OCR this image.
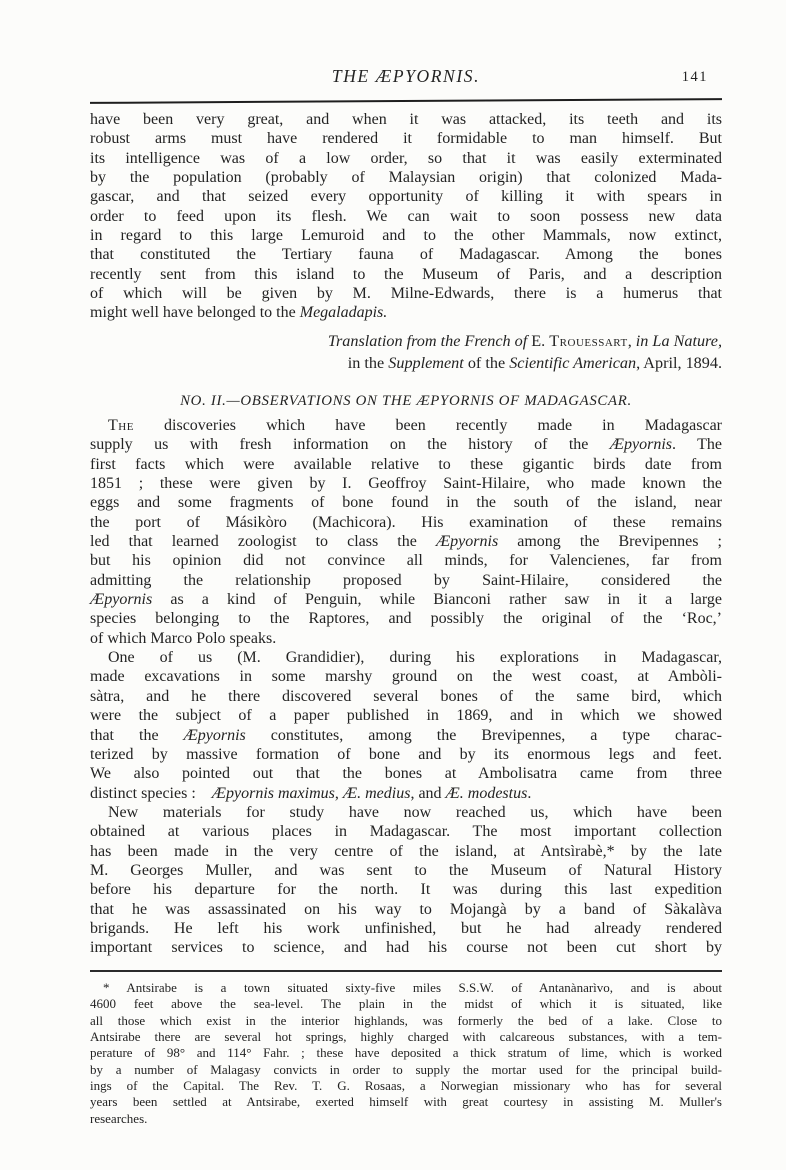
THE ÆPYORNIS.	141
have been very great, and when it was attacked, its teeth and its
robust arms must have rendered it formidable to man himself. But
its intelligence was of a low order, so that it was easily exterminated
by the population (probably of Malaysian origin) that colonized Mada-
gascar, and that seized every opportunity of killing it with spears in
order to feed upon its flesh. We can wait to soon possess new data
in regard to this large Lemuroid and to the other Mammals, now extinct,
that constituted the Tertiary fauna of Madagascar. Among the bones
recently sent from this island to the Museum of Paris, and a description
of which will be given by M. Milne-Edwards, there is a humerus that
might well have belonged to the Megaladapis.
Translation from the French of E. Trouessart, in La Nature,
in the Supplement of the Scientific American, April, 1894.
NO. II.—OBSERVATIONS ON THE ÆPYORNIS OF MADAGASCAR.
The discoveries which have been recently made in Madagascar
supply us with fresh information on the history of the Æpyornis. The
first facts which were available relative to these gigantic birds date from
1851 ; these were given by I. Geoffroy Saint-Hilaire, who made known the
eggs and some fragments of bone found in the south of the island, near
the port of Másikòro (Machicora). His examination of these remains
led that learned zoologist to class the Æpyornis among the Brevipennes ;
but his opinion did not convince all minds, for Valencienes, far from
admitting the relationship proposed by Saint-Hilaire, considered the
Æpyornis as a kind of Penguin, while Bianconi rather saw in it a large
species belonging to the Raptores, and possibly the original of the ‘Roc,’
of which Marco Polo speaks.
One of us (M. Grandidier), during his explorations in Madagascar,
made excavations in some marshy ground on the west coast, at Ambòli-
sàtra, and he there discovered several bones of the same bird, which
were the subject of a paper published in 1869, and in which we showed
that the Æpyornis constitutes, among the Brevipennes, a type charac-
terized by massive formation of bone and by its enormous legs and feet.
We also pointed out that the bones at Ambolisatra came from three
distinct species : Æpyornis maximus, Æ. medius, and Æ. modestus.
New materials for study have now reached us, which have been
obtained at various places in Madagascar. The most important collection
has been made in the very centre of the island, at Antsìrabè,* by the late
M. Georges Muller, and was sent to the Museum of Natural History
before his departure for the north. It was during this last expedition
that he was assassinated on his way to Mojangà by a band of Sàkalàva
brigands. He left his work unfinished, but he had already rendered
important services to science, and had his course not been cut short by
* Antsirabe is a town situated sixty-five miles S.S.W. of Antanànarìvo, and is about
4600 feet above the sea-level. The plain in the midst of which it is situated, like
all those which exist in the interior highlands, was formerly the bed of a lake. Close to
Antsirabe there are several hot springs, highly charged with calcareous substances, with a tem-
perature of 98° and 114° Fahr. ; these have deposited a thick stratum of lime, which is worked
by a number of Malagasy convicts in order to supply the mortar used for the principal build-
ings of the Capital. The Rev. T. G. Rosaas, a Norwegian missionary who has for several
years been settled at Antsirabe, exerted himself with great courtesy in assisting M. Muller's
researches.
